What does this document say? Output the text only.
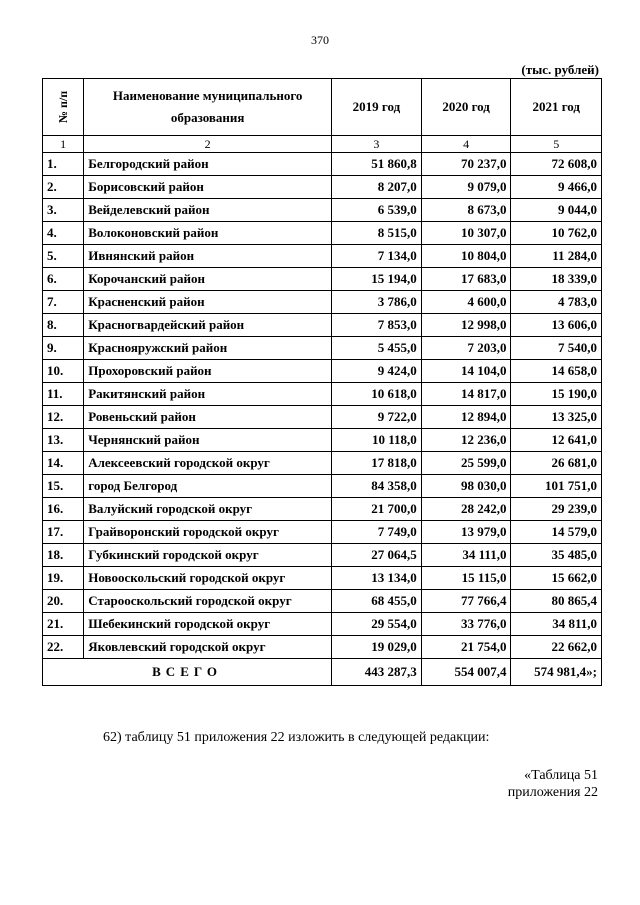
370
(тыс. рублей)
№ п/п	Наименование муниципального образования	2019 год	2020 год	2021 год
1	2	3	4	5
1.	Белгородский район	51 860,8	70 237,0	72 608,0
2.	Борисовский район	8 207,0	9 079,0	9 466,0
3.	Вейделевский район	6 539,0	8 673,0	9 044,0
4.	Волоконовский район	8 515,0	10 307,0	10 762,0
5.	Ивнянский район	7 134,0	10 804,0	11 284,0
6.	Корочанский район	15 194,0	17 683,0	18 339,0
7.	Красненский район	3 786,0	4 600,0	4 783,0
8.	Красногвардейский район	7 853,0	12 998,0	13 606,0
9.	Краснояружский район	5 455,0	7 203,0	7 540,0
10.	Прохоровский район	9 424,0	14 104,0	14 658,0
11.	Ракитянский район	10 618,0	14 817,0	15 190,0
12.	Ровеньский район	9 722,0	12 894,0	13 325,0
13.	Чернянский район	10 118,0	12 236,0	12 641,0
14.	Алексеевский городской округ	17 818,0	25 599,0	26 681,0
15.	город Белгород	84 358,0	98 030,0	101 751,0
16.	Валуйский городской округ	21 700,0	28 242,0	29 239,0
17.	Грайворонский городской округ	7 749,0	13 979,0	14 579,0
18.	Губкинский городской округ	27 064,5	34 111,0	35 485,0
19.	Новооскольский городской округ	13 134,0	15 115,0	15 662,0
20.	Старооскольский городской округ	68 455,0	77 766,4	80 865,4
21.	Шебекинский городской округ	29 554,0	33 776,0	34 811,0
22.	Яковлевский городской округ	19 029,0	21 754,0	22 662,0
ВСЕГО		443 287,3	554 007,4	574 981,4»;
62) таблицу 51 приложения 22 изложить в следующей редакции:
«Таблица 51
приложения 22
